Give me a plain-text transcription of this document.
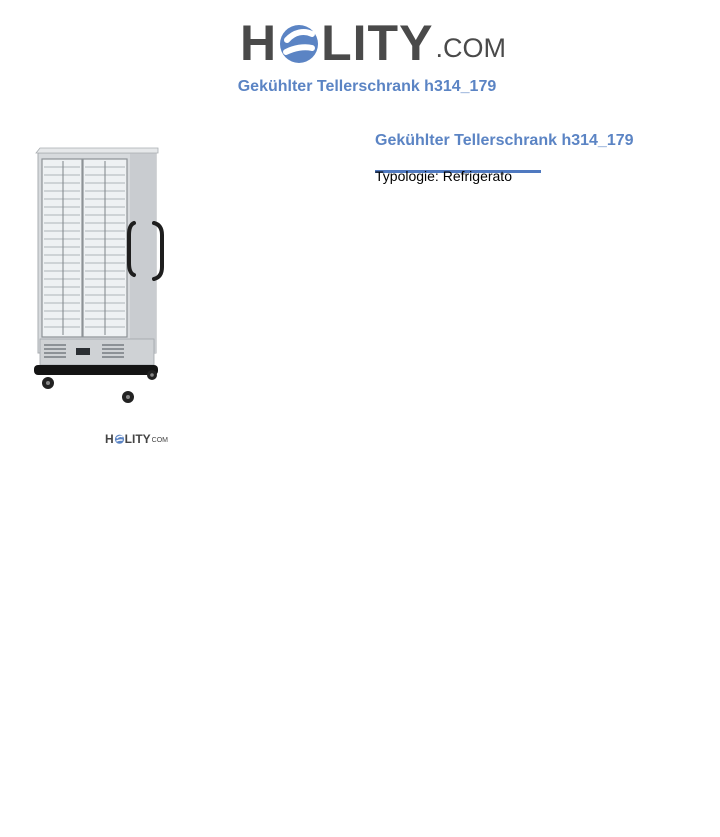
H LITY .COM
Gekühlter Tellerschrank h314_179
H LITY COM
Gekühlter Tellerschrank h314_179

Typologie: Refrigerato
